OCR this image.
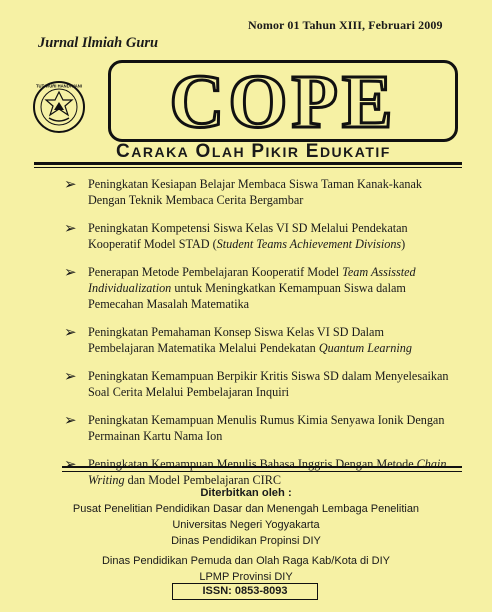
Nomor 01 Tahun XIII, Februari 2009
Jurnal Ilmiah Guru
TUT WURI HANDAYANI	COPE
CARAKA OLAH PIKIR EDUKATIF
➢ Peningkatan Kesiapan Belajar Membaca Siswa Taman Kanak-kanak Dengan Teknik Membaca Cerita Bergambar
➢ Peningkatan Kompetensi Siswa Kelas VI SD Melalui Pendekatan Kooperatif Model STAD (Student Teams Achievement Divisions)
➢ Penerapan Metode Pembelajaran Kooperatif Model Team Assissted Individualization untuk Meningkatkan Kemampuan Siswa dalam Pemecahan Masalah Matematika
➢ Peningkatan Pemahaman Konsep Siswa Kelas VI SD Dalam Pembelajaran Matematika Melalui Pendekatan Quantum Learning
➢ Peningkatan Kemampuan Berpikir Kritis Siswa SD dalam Menyelesaikan Soal Cerita Melalui Pembelajaran Inquiri
➢ Peningkatan Kemampuan Menulis Rumus Kimia Senyawa Ionik Dengan Permainan Kartu Nama Ion
➢ Peningkatan Kemampuan Menulis Bahasa Inggris Dengan Metode Chain Writing dan Model Pembelajaran CIRC
Diterbitkan oleh :
Pusat Penelitian Pendidikan Dasar dan Menengah Lembaga Penelitian
Universitas Negeri Yogyakarta
Dinas Pendidikan Propinsi DIY
Dinas Pendidikan Pemuda dan Olah Raga Kab/Kota di DIY
LPMP Provinsi DIY
ISSN: 0853-8093
